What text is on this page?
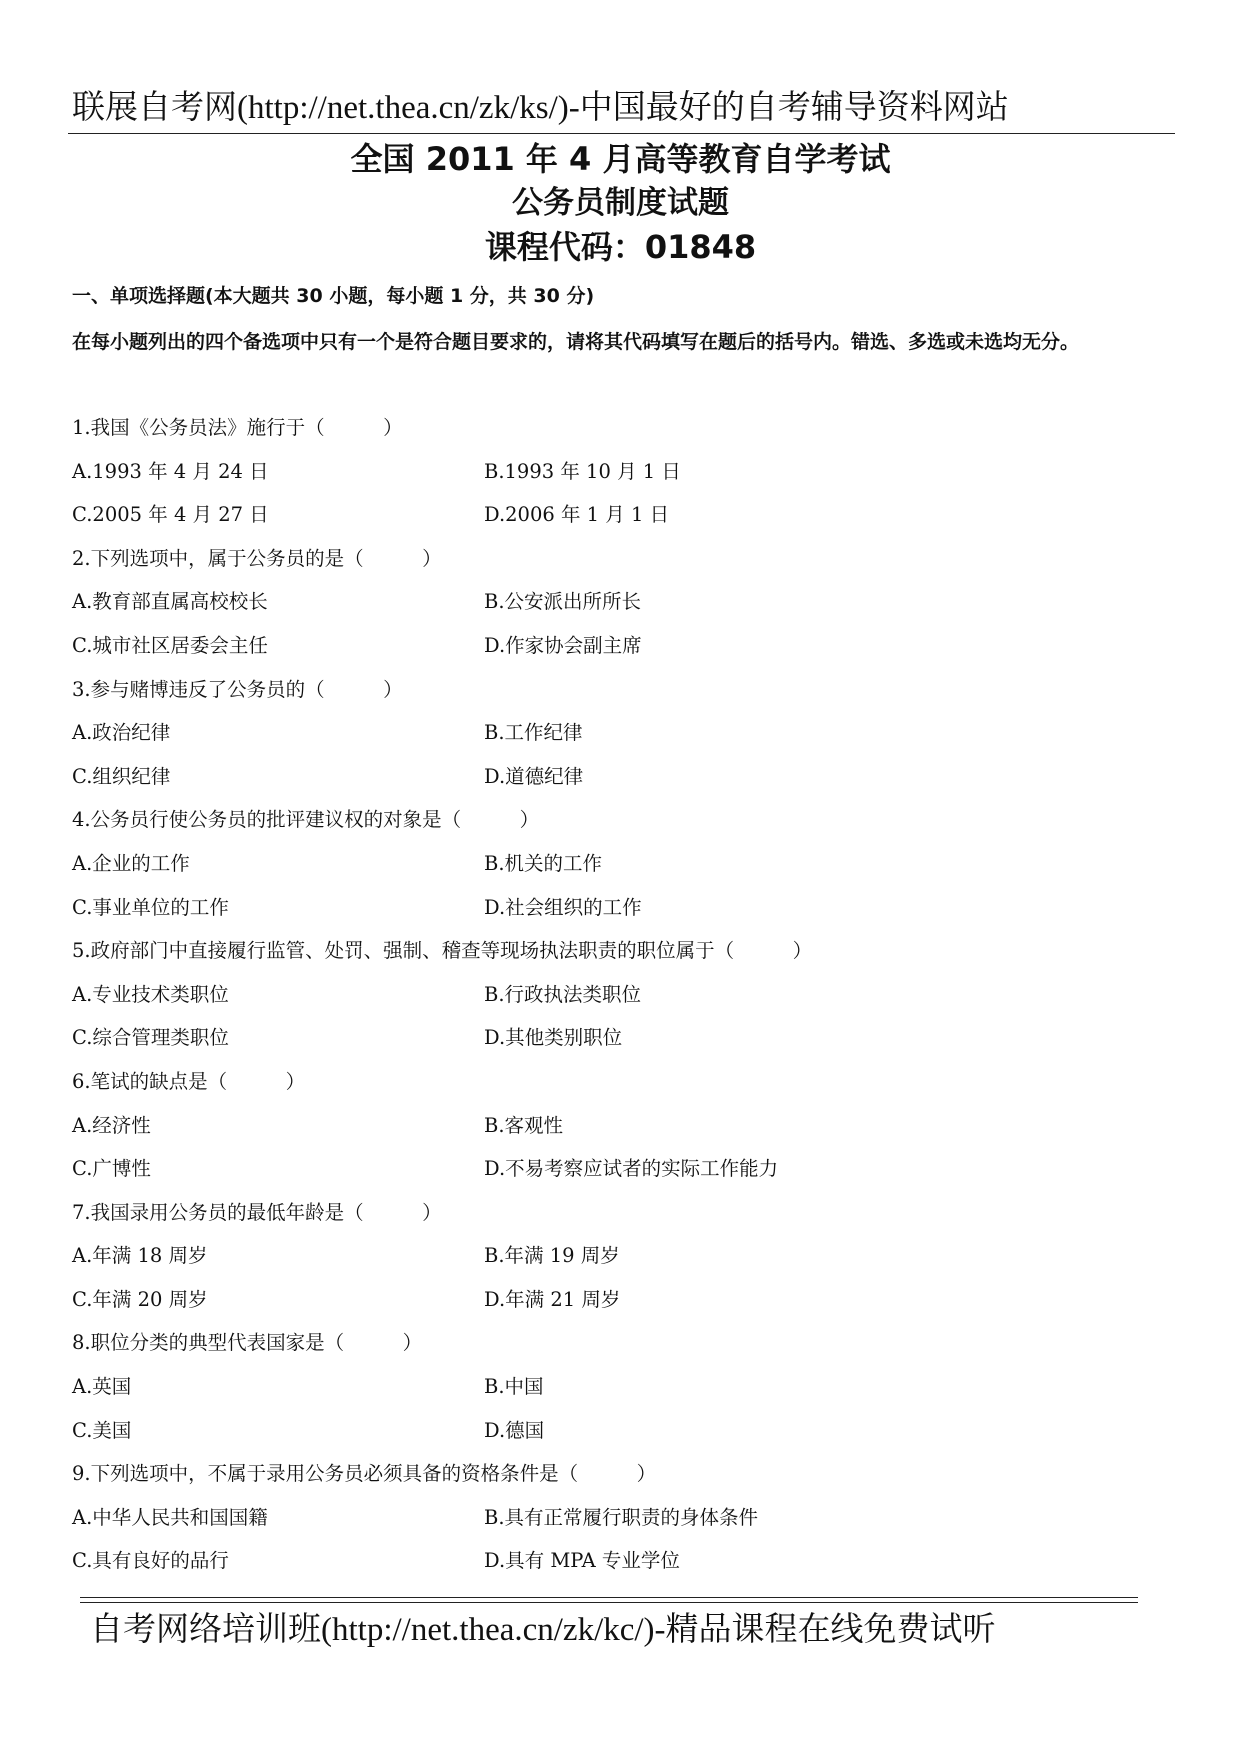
联展自考网(http://net.thea.cn/zk/ks/)-中国最好的自考辅导资料网站
全国 2011 年 4 月高等教育自学考试
公务员制度试题
课程代码：01848
一、单项选择题(本大题共 30 小题，每小题 1 分，共 30 分)
在每小题列出的四个备选项中只有一个是符合题目要求的，请将其代码填写在题后的括号内。错选、多选或未选均无分。
1.我国《公务员法》施行于（　　　）
A.1993 年 4 月 24 日	B.1993 年 10 月 1 日
C.2005 年 4 月 27 日	D.2006 年 1 月 1 日
2.下列选项中，属于公务员的是（　　　）
A.教育部直属高校校长	B.公安派出所所长
C.城市社区居委会主任	D.作家协会副主席
3.参与赌博违反了公务员的（　　　）
A.政治纪律	B.工作纪律
C.组织纪律	D.道德纪律
4.公务员行使公务员的批评建议权的对象是（　　　）
A.企业的工作	B.机关的工作
C.事业单位的工作	D.社会组织的工作
5.政府部门中直接履行监管、处罚、强制、稽查等现场执法职责的职位属于（　　　）
A.专业技术类职位	B.行政执法类职位
C.综合管理类职位	D.其他类别职位
6.笔试的缺点是（　　　）
A.经济性	B.客观性
C.广博性	D.不易考察应试者的实际工作能力
7.我国录用公务员的最低年龄是（　　　）
A.年满 18 周岁	B.年满 19 周岁
C.年满 20 周岁	D.年满 21 周岁
8.职位分类的典型代表国家是（　　　）
A.英国	B.中国
C.美国	D.德国
9.下列选项中，不属于录用公务员必须具备的资格条件是（　　　）
A.中华人民共和国国籍	B.具有正常履行职责的身体条件
C.具有良好的品行	D.具有 MPA 专业学位
自考网络培训班(http://net.thea.cn/zk/kc/)-精品课程在线免费试听
